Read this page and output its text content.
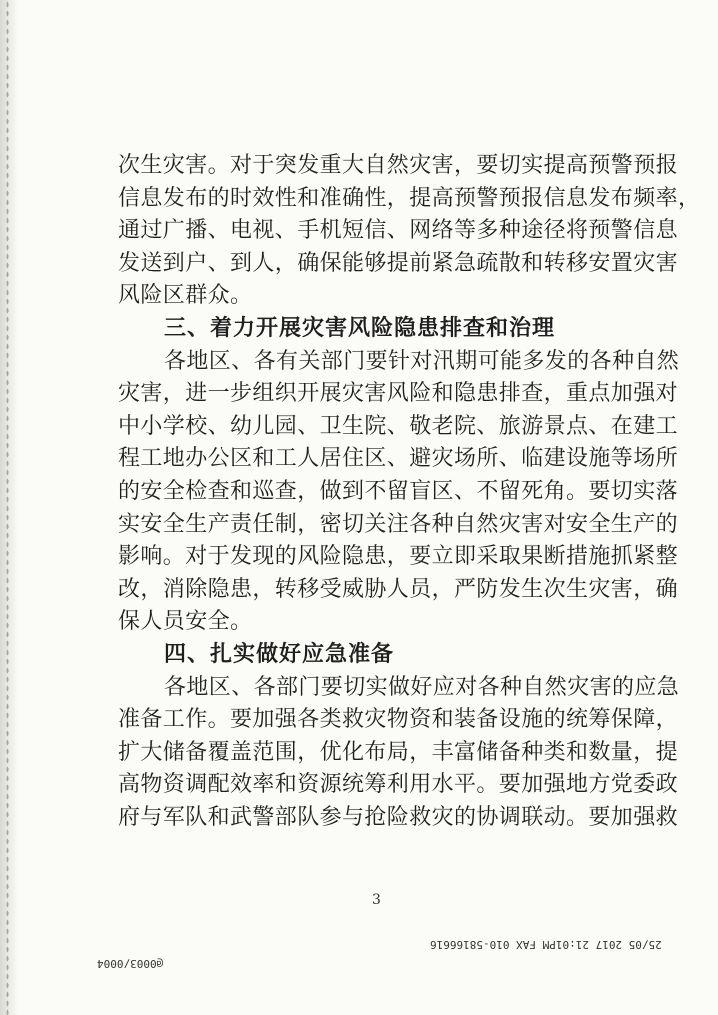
次生灾害。对于突发重大自然灾害，要切实提高预警预报
信息发布的时效性和准确性，提高预警预报信息发布频率，
通过广播、电视、手机短信、网络等多种途径将预警信息
发送到户、到人，确保能够提前紧急疏散和转移安置灾害
风险区群众。
三、着力开展灾害风险隐患排查和治理
各地区、各有关部门要针对汛期可能多发的各种自然
灾害，进一步组织开展灾害风险和隐患排查，重点加强对
中小学校、幼儿园、卫生院、敬老院、旅游景点、在建工
程工地办公区和工人居住区、避灾场所、临建设施等场所
的安全检查和巡查，做到不留盲区、不留死角。要切实落
实安全生产责任制，密切关注各种自然灾害对安全生产的
影响。对于发现的风险隐患，要立即采取果断措施抓紧整
改，消除隐患，转移受威胁人员，严防发生次生灾害，确
保人员安全。
四、扎实做好应急准备
各地区、各部门要切实做好应对各种自然灾害的应急
准备工作。要加强各类救灾物资和装备设施的统筹保障，
扩大储备覆盖范围，优化布局，丰富储备种类和数量，提
高物资调配效率和资源统筹利用水平。要加强地方党委政
府与军队和武警部队参与抢险救灾的协调联动。要加强救
3
25/05 2017 21:01PM FAX 010-58166616
@0003/0004
